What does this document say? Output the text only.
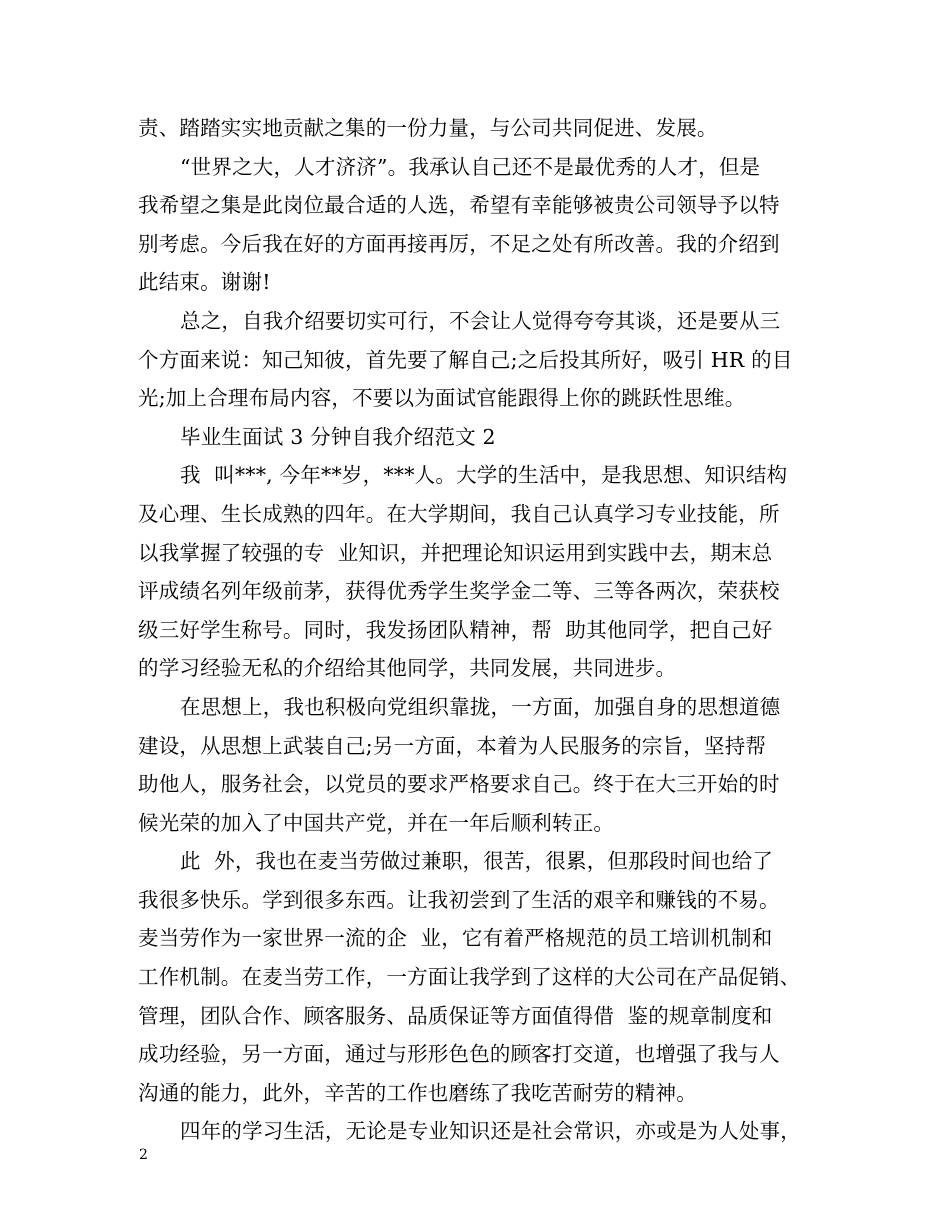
责、踏踏实实地贡献之集的一份力量，与公司共同促进、发展。
“世界之大，人才济济”。我承认自己还不是最优秀的人才，但是
我希望之集是此岗位最合适的人选，希望有幸能够被贵公司领导予以特
别考虑。今后我在好的方面再接再厉，不足之处有所改善。我的介绍到
此结束。谢谢!
总之，自我介绍要切实可行，不会让人觉得夸夸其谈，还是要从三
个方面来说：知己知彼，首先要了解自己;之后投其所好，吸引 HR 的目
光;加上合理布局内容，不要以为面试官能跟得上你的跳跃性思维。
毕业生面试 3 分钟自我介绍范文 2
我  叫***, 今年**岁，***人。大学的生活中，是我思想、知识结构
及心理、生长成熟的四年。在大学期间，我自己认真学习专业技能，所
以我掌握了较强的专  业知识，并把理论知识运用到实践中去，期末总
评成绩名列年级前茅，获得优秀学生奖学金二等、三等各两次，荣获校
级三好学生称号。同时，我发扬团队精神，帮  助其他同学，把自己好
的学习经验无私的介绍给其他同学，共同发展，共同进步。
在思想上，我也积极向党组织靠拢，一方面，加强自身的思想道德
建设，从思想上武装自己;另一方面，本着为人民服务的宗旨，坚持帮
助他人，服务社会，以党员的要求严格要求自己。终于在大三开始的时
候光荣的加入了中国共产党，并在一年后顺利转正。
此  外，我也在麦当劳做过兼职，很苦，很累，但那段时间也给了
我很多快乐。学到很多东西。让我初尝到了生活的艰辛和赚钱的不易。
麦当劳作为一家世界一流的企  业，它有着严格规范的员工培训机制和
工作机制。在麦当劳工作，一方面让我学到了这样的大公司在产品促销、
管理，团队合作、顾客服务、品质保证等方面值得借  鉴的规章制度和
成功经验，另一方面，通过与形形色色的顾客打交道，也增强了我与人
沟通的能力，此外，辛苦的工作也磨练了我吃苦耐劳的精神。
四年的学习生活，无论是专业知识还是社会常识，亦或是为人处事，
2
